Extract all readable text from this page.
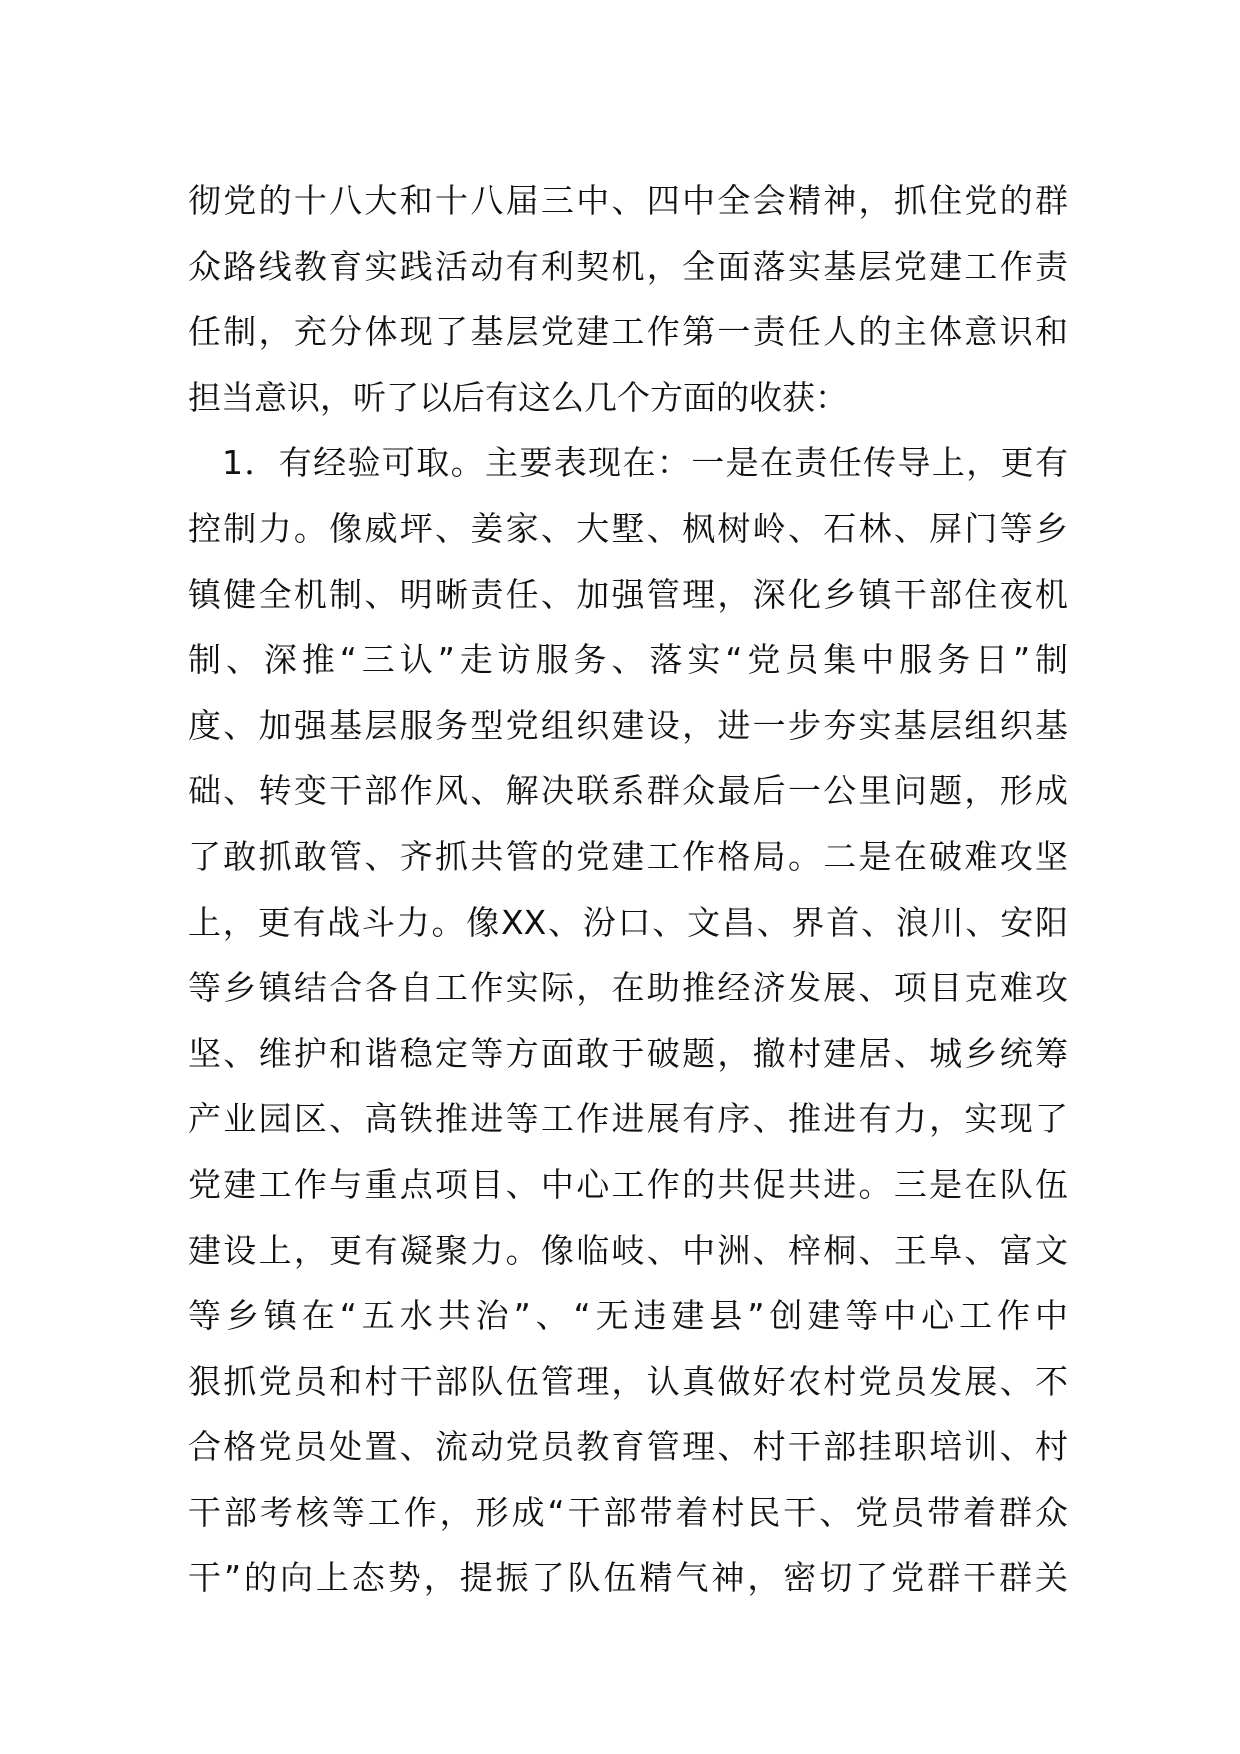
彻党的十八大和十八届三中、四中全会精神，抓住党的群
众路线教育实践活动有利契机，全面落实基层党建工作责
任制，充分体现了基层党建工作第一责任人的主体意识和
担当意识，听了以后有这么几个方面的收获：
1．有经验可取。主要表现在：一是在责任传导上，更有
控制力。像威坪、姜家、大墅、枫树岭、石林、屏门等乡
镇健全机制、明晰责任、加强管理，深化乡镇干部住夜机
制、深推“三认”走访服务、落实“党员集中服务日”制
度、加强基层服务型党组织建设，进一步夯实基层组织基
础、转变干部作风、解决联系群众最后一公里问题，形成
了敢抓敢管、齐抓共管的党建工作格局。二是在破难攻坚
上，更有战斗力。像XX、汾口、文昌、界首、浪川、安阳
等乡镇结合各自工作实际，在助推经济发展、项目克难攻
坚、维护和谐稳定等方面敢于破题，撤村建居、城乡统筹
产业园区、高铁推进等工作进展有序、推进有力，实现了
党建工作与重点项目、中心工作的共促共进。三是在队伍
建设上，更有凝聚力。像临岐、中洲、梓桐、王阜、富文
等乡镇在“五水共治”、“无违建县”创建等中心工作中
狠抓党员和村干部队伍管理，认真做好农村党员发展、不
合格党员处置、流动党员教育管理、村干部挂职培训、村
干部考核等工作，形成“干部带着村民干、党员带着群众
干”的向上态势，提振了队伍精气神，密切了党群干群关
